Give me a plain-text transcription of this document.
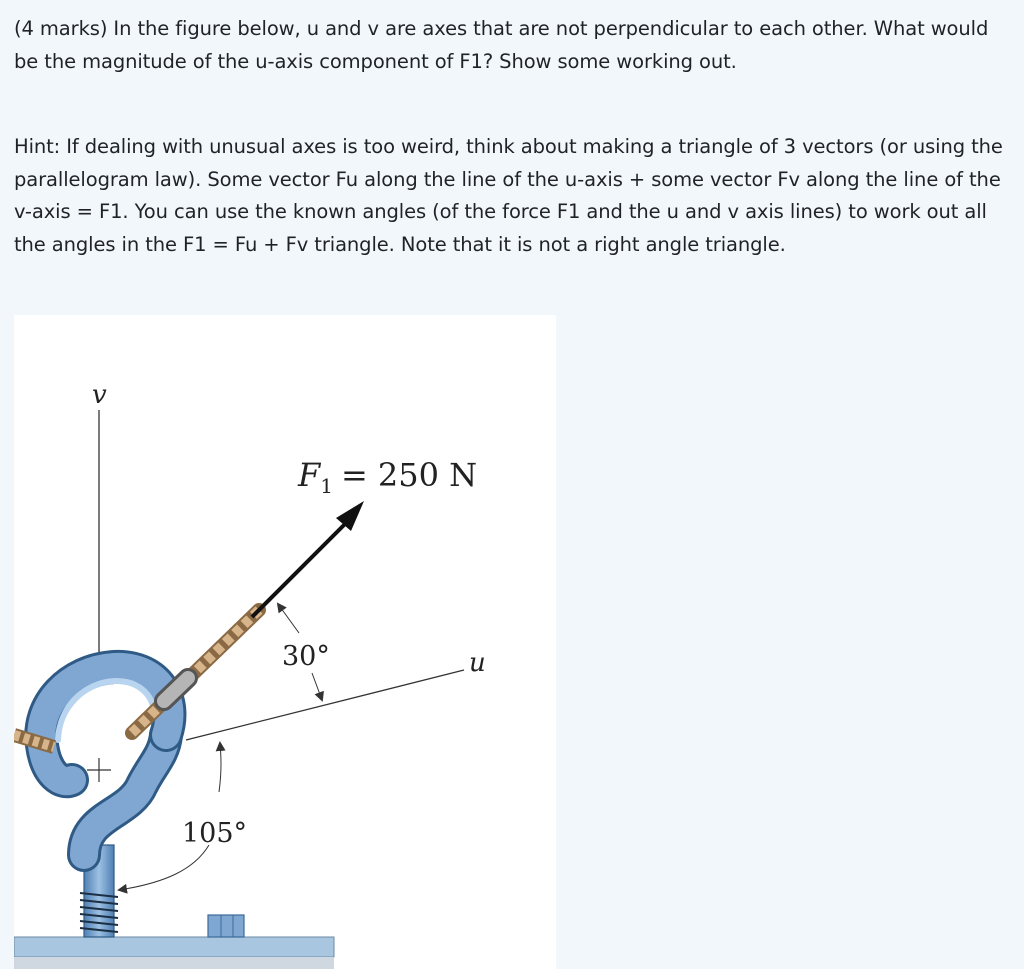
(4 marks) In the figure below, u and v are axes that are not perpendicular to each other. What would be the magnitude of the u-axis component of F1? Show some working out.

Hint: If dealing with unusual axes is too weird, think about making a triangle of 3 vectors (or using the parallelogram law). Some vector Fu along the line of the u-axis + some vector Fv along the line of the v-axis = F1. You can use the known angles (of the force F1 and the u and v axis lines) to work out all the angles in the F1 = Fu + Fv triangle. Note that it is not a right angle triangle.

v
u
$F_1 = 250$ N
30°
105°
